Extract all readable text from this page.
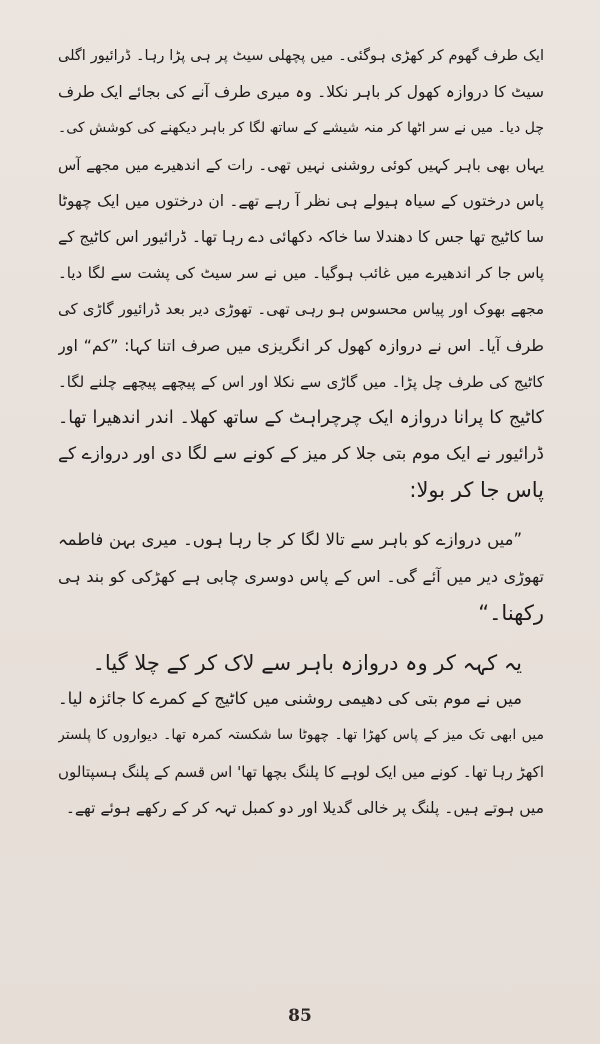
ایک طرف گھوم کر کھڑی ہوگئی۔ میں پچھلی سیٹ پر ہی پڑا رہا۔ ڈرائیور اگلی
سیٹ کا دروازہ کھول کر باہر نکلا۔ وہ میری طرف آنے کی بجائے ایک طرف
چل دیا۔ میں نے سر اٹھا کر منہ شیشے کے ساتھ لگا کر باہر دیکھنے کی کوشش کی۔
یہاں بھی باہر کہیں کوئی روشنی نہیں تھی۔ رات کے اندھیرے میں مجھے آس
پاس درختوں کے سیاہ ہیولے ہی نظر آ رہے تھے۔ ان درختوں میں ایک چھوٹا
سا کاٹیج تھا جس کا دھندلا سا خاکہ دکھائی دے رہا تھا۔ ڈرائیور اس کاٹیج کے
پاس جا کر اندھیرے میں غائب ہوگیا۔ میں نے سر سیٹ کی پشت سے لگا دیا۔
مجھے بھوک اور پیاس محسوس ہو رہی تھی۔ تھوڑی دیر بعد ڈرائیور گاڑی کی
طرف آیا۔ اس نے دروازہ کھول کر انگریزی میں صرف اتنا کہا: ”کم“ اور
کاٹیج کی طرف چل پڑا۔ میں گاڑی سے نکلا اور اس کے پیچھے پیچھے چلنے لگا۔
کاٹیج کا پرانا دروازہ ایک چرچراہٹ کے ساتھ کھلا۔ اندر اندھیرا تھا۔
ڈرائیور نے ایک موم بتی جلا کر میز کے کونے سے لگا دی اور دروازے کے
پاس جا کر بولا:
”میں دروازے کو باہر سے تالا لگا کر جا رہا ہوں۔ میری بہن فاطمہ
تھوڑی دیر میں آئے گی۔ اس کے پاس دوسری چابی ہے کھڑکی کو بند ہی
رکھنا۔“
یہ کہہ کر وہ دروازہ باہر سے لاک کر کے چلا گیا۔
میں نے موم بتی کی دھیمی روشنی میں کاٹیج کے کمرے کا جائزہ لیا۔
میں ابھی تک میز کے پاس کھڑا تھا۔ چھوٹا سا شکستہ کمرہ تھا۔ دیواروں کا پلستر
اکھڑ رہا تھا۔ کونے میں ایک لوہے کا پلنگ بچھا تھا' اس قسم کے پلنگ ہسپتالوں
میں ہوتے ہیں۔ پلنگ پر خالی گدیلا اور دو کمبل تہہ کر کے رکھے ہوئے تھے۔
85
